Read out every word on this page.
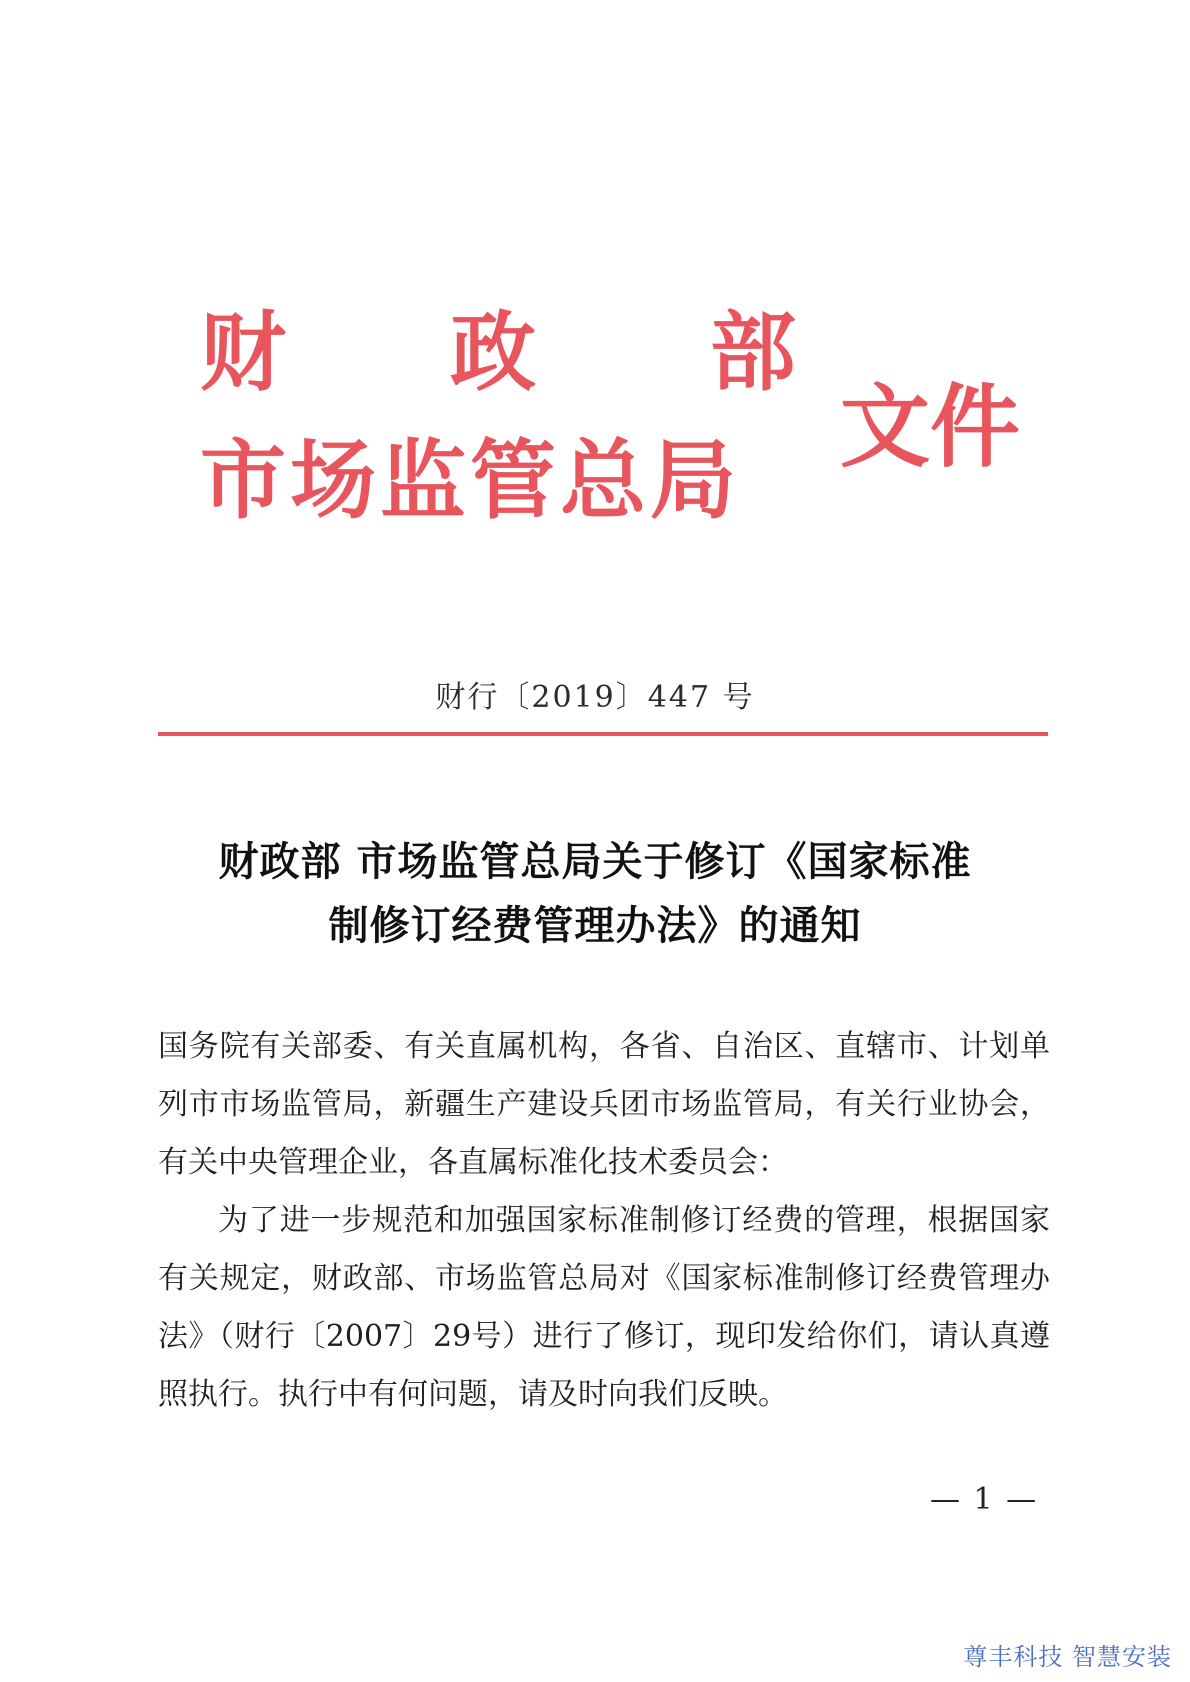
财 政 部
市场监管总局
文件
财行〔2019〕447 号
财政部 市场监管总局关于修订《国家标准
制修订经费管理办法》的通知
国务院有关部委、有关直属机构，各省、自治区、直辖市、计划单列市市场监管局，新疆生产建设兵团市场监管局，有关行业协会，有关中央管理企业，各直属标准化技术委员会：
为了进一步规范和加强国家标准制修订经费的管理，根据国家有关规定，财政部、市场监管总局对《国家标准制修订经费管理办法》（财行〔2007〕29号）进行了修订，现印发给你们，请认真遵照执行。执行中有何问题，请及时向我们反映。
— 1 —
尊丰科技 智慧安装
